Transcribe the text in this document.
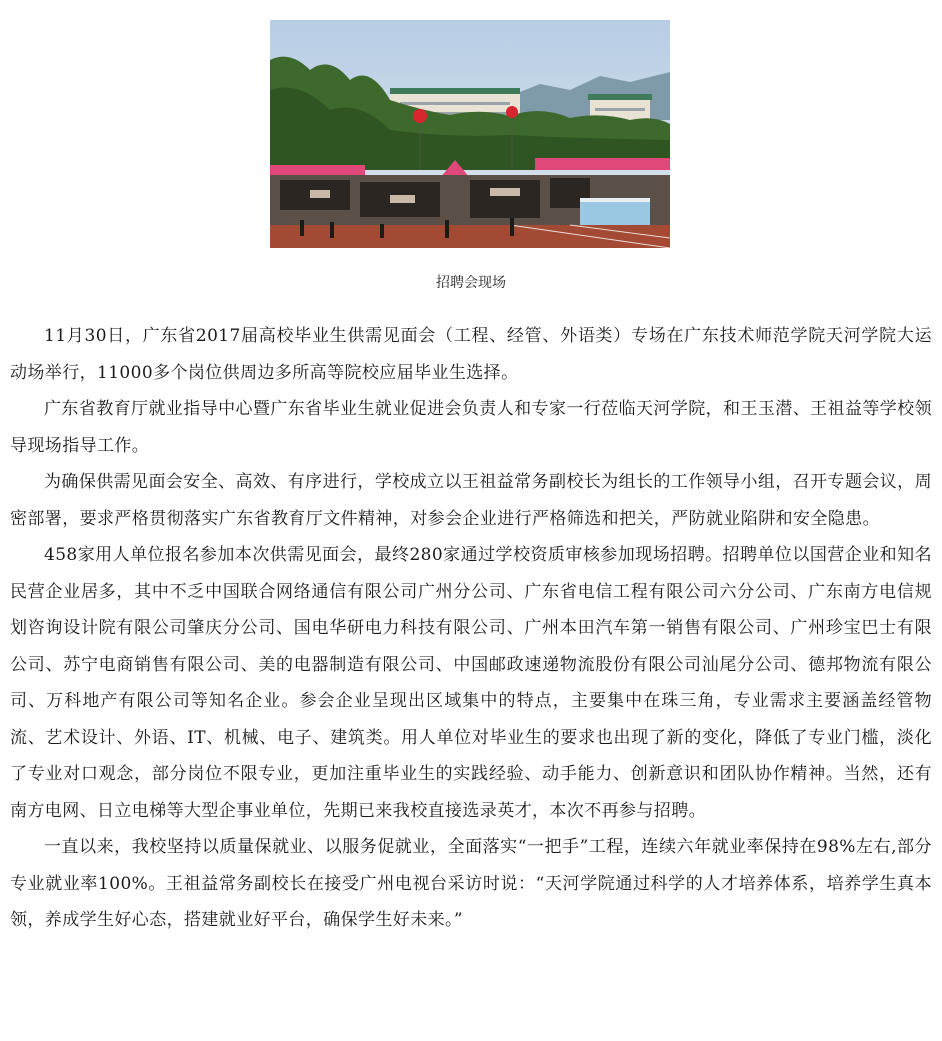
招聘会现场

11月30日，广东省2017届高校毕业生供需见面会（工程、经管、外语类）专场在广东技术师范学院天河学院大运动场举行，11000多个岗位供周边多所高等院校应届毕业生选择。

广东省教育厅就业指导中心暨广东省毕业生就业促进会负责人和专家一行莅临天河学院，和王玉潜、王祖益等学校领导现场指导工作。

为确保供需见面会安全、高效、有序进行，学校成立以王祖益常务副校长为组长的工作领导小组，召开专题会议，周密部署，要求严格贯彻落实广东省教育厅文件精神，对参会企业进行严格筛选和把关，严防就业陷阱和安全隐患。

458家用人单位报名参加本次供需见面会，最终280家通过学校资质审核参加现场招聘。招聘单位以国营企业和知名民营企业居多，其中不乏中国联合网络通信有限公司广州分公司、广东省电信工程有限公司六分公司、广东南方电信规划咨询设计院有限公司肇庆分公司、国电华研电力科技有限公司、广州本田汽车第一销售有限公司、广州珍宝巴士有限公司、苏宁电商销售有限公司、美的电器制造有限公司、中国邮政速递物流股份有限公司汕尾分公司、德邦物流有限公司、万科地产有限公司等知名企业。参会企业呈现出区域集中的特点，主要集中在珠三角，专业需求主要涵盖经管物流、艺术设计、外语、IT、机械、电子、建筑类。用人单位对毕业生的要求也出现了新的变化，降低了专业门槛，淡化了专业对口观念，部分岗位不限专业，更加注重毕业生的实践经验、动手能力、创新意识和团队协作精神。当然，还有南方电网、日立电梯等大型企事业单位，先期已来我校直接选录英才，本次不再参与招聘。

一直以来，我校坚持以质量保就业、以服务促就业，全面落实“一把手”工程，连续六年就业率保持在98%左右,部分专业就业率100%。王祖益常务副校长在接受广州电视台采访时说：“天河学院通过科学的人才培养体系，培养学生真本领，养成学生好心态，搭建就业好平台，确保学生好未来。”
